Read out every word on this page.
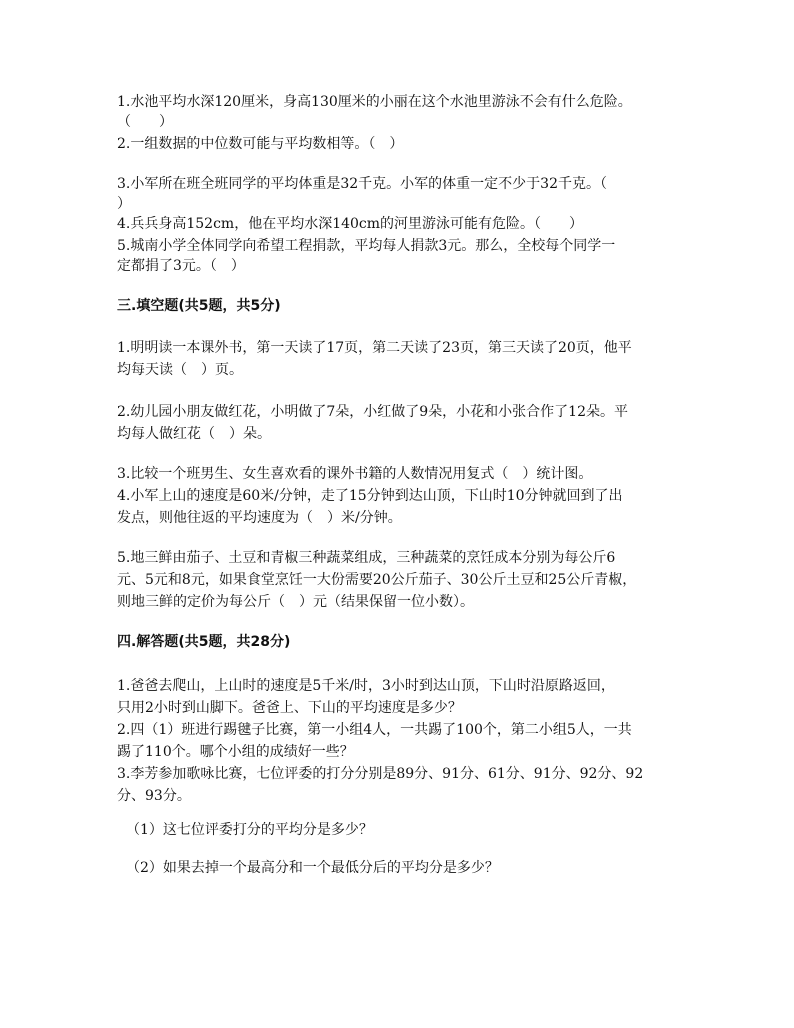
1.水池平均水深120厘米，身高130厘米的小丽在这个水池里游泳不会有什么危险。
（　　）
2.一组数据的中位数可能与平均数相等。（　）
3.小军所在班全班同学的平均体重是32千克。小军的体重一定不少于32千克。（
）
4.兵兵身高152cm，他在平均水深140cm的河里游泳可能有危险。（　　）
5.城南小学全体同学向希望工程捐款，平均每人捐款3元。那么，全校每个同学一
定都捐了3元。（　）
三.填空题(共5题，共5分)
1.明明读一本课外书，第一天读了17页，第二天读了23页，第三天读了20页，他平
均每天读（　）页。
2.幼儿园小朋友做红花，小明做了7朵，小红做了9朵，小花和小张合作了12朵。平
均每人做红花（　）朵。
3.比较一个班男生、女生喜欢看的课外书籍的人数情况用复式（　）统计图。
4.小军上山的速度是60米/分钟，走了15分钟到达山顶，下山时10分钟就回到了出
发点，则他往返的平均速度为（　）米/分钟。
5.地三鲜由茄子、土豆和青椒三种蔬菜组成，三种蔬菜的烹饪成本分别为每公斤6
元、5元和8元，如果食堂烹饪一大份需要20公斤茄子、30公斤土豆和25公斤青椒，
则地三鲜的定价为每公斤（　）元（结果保留一位小数）。
四.解答题(共5题，共28分)
1.爸爸去爬山，上山时的速度是5千米/时，3小时到达山顶，下山时沿原路返回，
只用2小时到山脚下。爸爸上、下山的平均速度是多少？
2.四（1）班进行踢毽子比赛，第一小组4人，一共踢了100个，第二小组5人，一共
踢了110个。哪个小组的成绩好一些？
3.李芳参加歌咏比赛，七位评委的打分分别是89分、91分、61分、91分、92分、92
分、93分。
（1）这七位评委打分的平均分是多少？
（2）如果去掉一个最高分和一个最低分后的平均分是多少？
